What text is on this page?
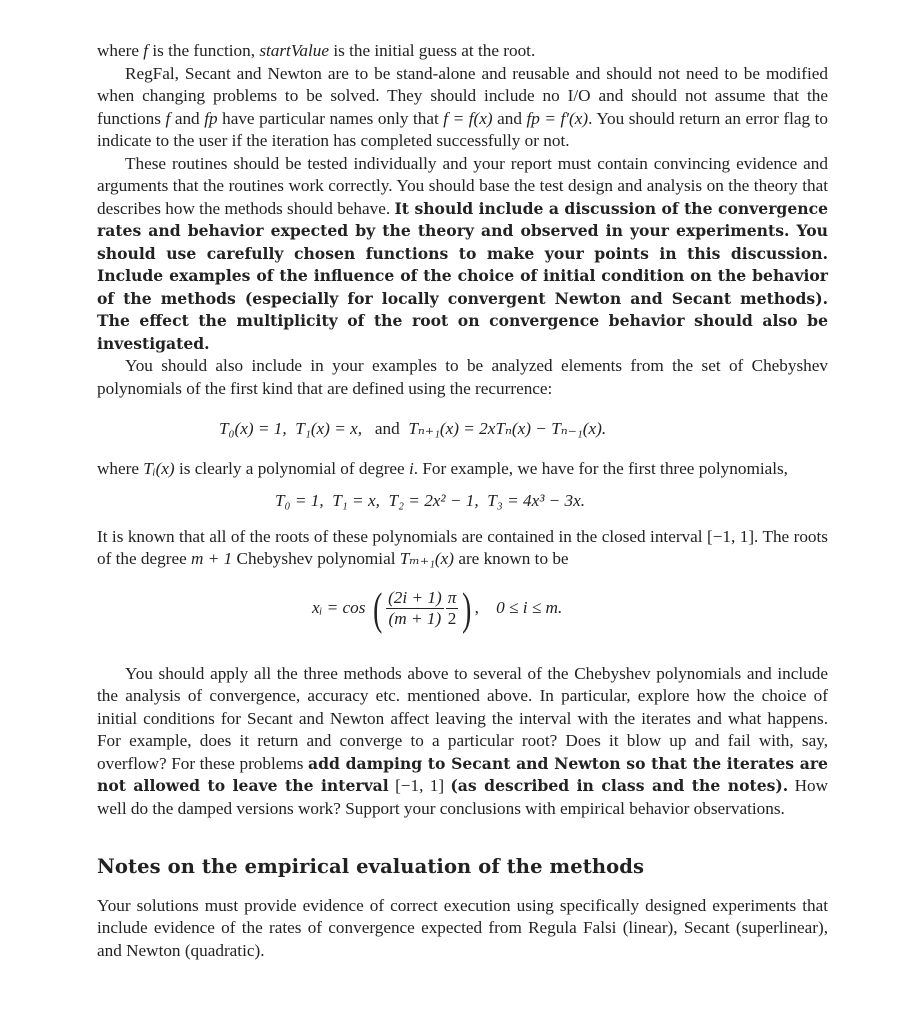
where f is the function, startValue is the initial guess at the root.

RegFal, Secant and Newton are to be stand-alone and reusable and should not need to be modified when changing problems to be solved. They should include no I/O and should not assume that the functions f and fp have particular names only that f = f(x) and fp = f′(x). You should return an error flag to indicate to the user if the iteration has completed successfully or not.

These routines should be tested individually and your report must contain convincing evidence and arguments that the routines work correctly. You should base the test design and analysis on the theory that describes how the methods should behave. It should include a discussion of the convergence rates and behavior expected by the theory and observed in your experiments. You should use carefully chosen functions to make your points in this discussion. Include examples of the influence of the choice of initial condition on the behavior of the methods (especially for locally convergent Newton and Secant methods). The effect the multiplicity of the root on convergence behavior should also be investigated.

You should also include in your examples to be analyzed elements from the set of Chebyshev polynomials of the first kind that are defined using the recurrence:

T₀(x) = 1, T₁(x) = x, and Tₙ₊₁(x) = 2xTₙ(x) − Tₙ₋₁(x).

where Tᵢ(x) is clearly a polynomial of degree i. For example, we have for the first three polynomials,

T₀ = 1, T₁ = x, T₂ = 2x² − 1, T₃ = 4x³ − 3x.

It is known that all of the roots of these polynomials are contained in the closed interval [−1, 1]. The roots of the degree m + 1 Chebyshev polynomial Tₘ₊₁(x) are known to be

xᵢ = cos
( $\frac{(2i + 1)}{(m + 1)} \frac{\pi}{2}$ ) , 0 ≤ i ≤ m.

You should apply all the three methods above to several of the Chebyshev polynomials and include the analysis of convergence, accuracy etc. mentioned above. In particular, explore how the choice of initial conditions for Secant and Newton affect leaving the interval with the iterates and what happens. For example, does it return and converge to a particular root? Does it blow up and fail with, say, overflow? For these problems add damping to Secant and Newton so that the iterates are not allowed to leave the interval [−1, 1] (as described in class and the notes). How well do the damped versions work? Support your conclusions with empirical behavior observations.

Notes on the empirical evaluation of the methods

Your solutions must provide evidence of correct execution using specifically designed experiments that include evidence of the rates of convergence expected from Regula Falsi (linear), Secant (superlinear), and Newton (quadratic).
